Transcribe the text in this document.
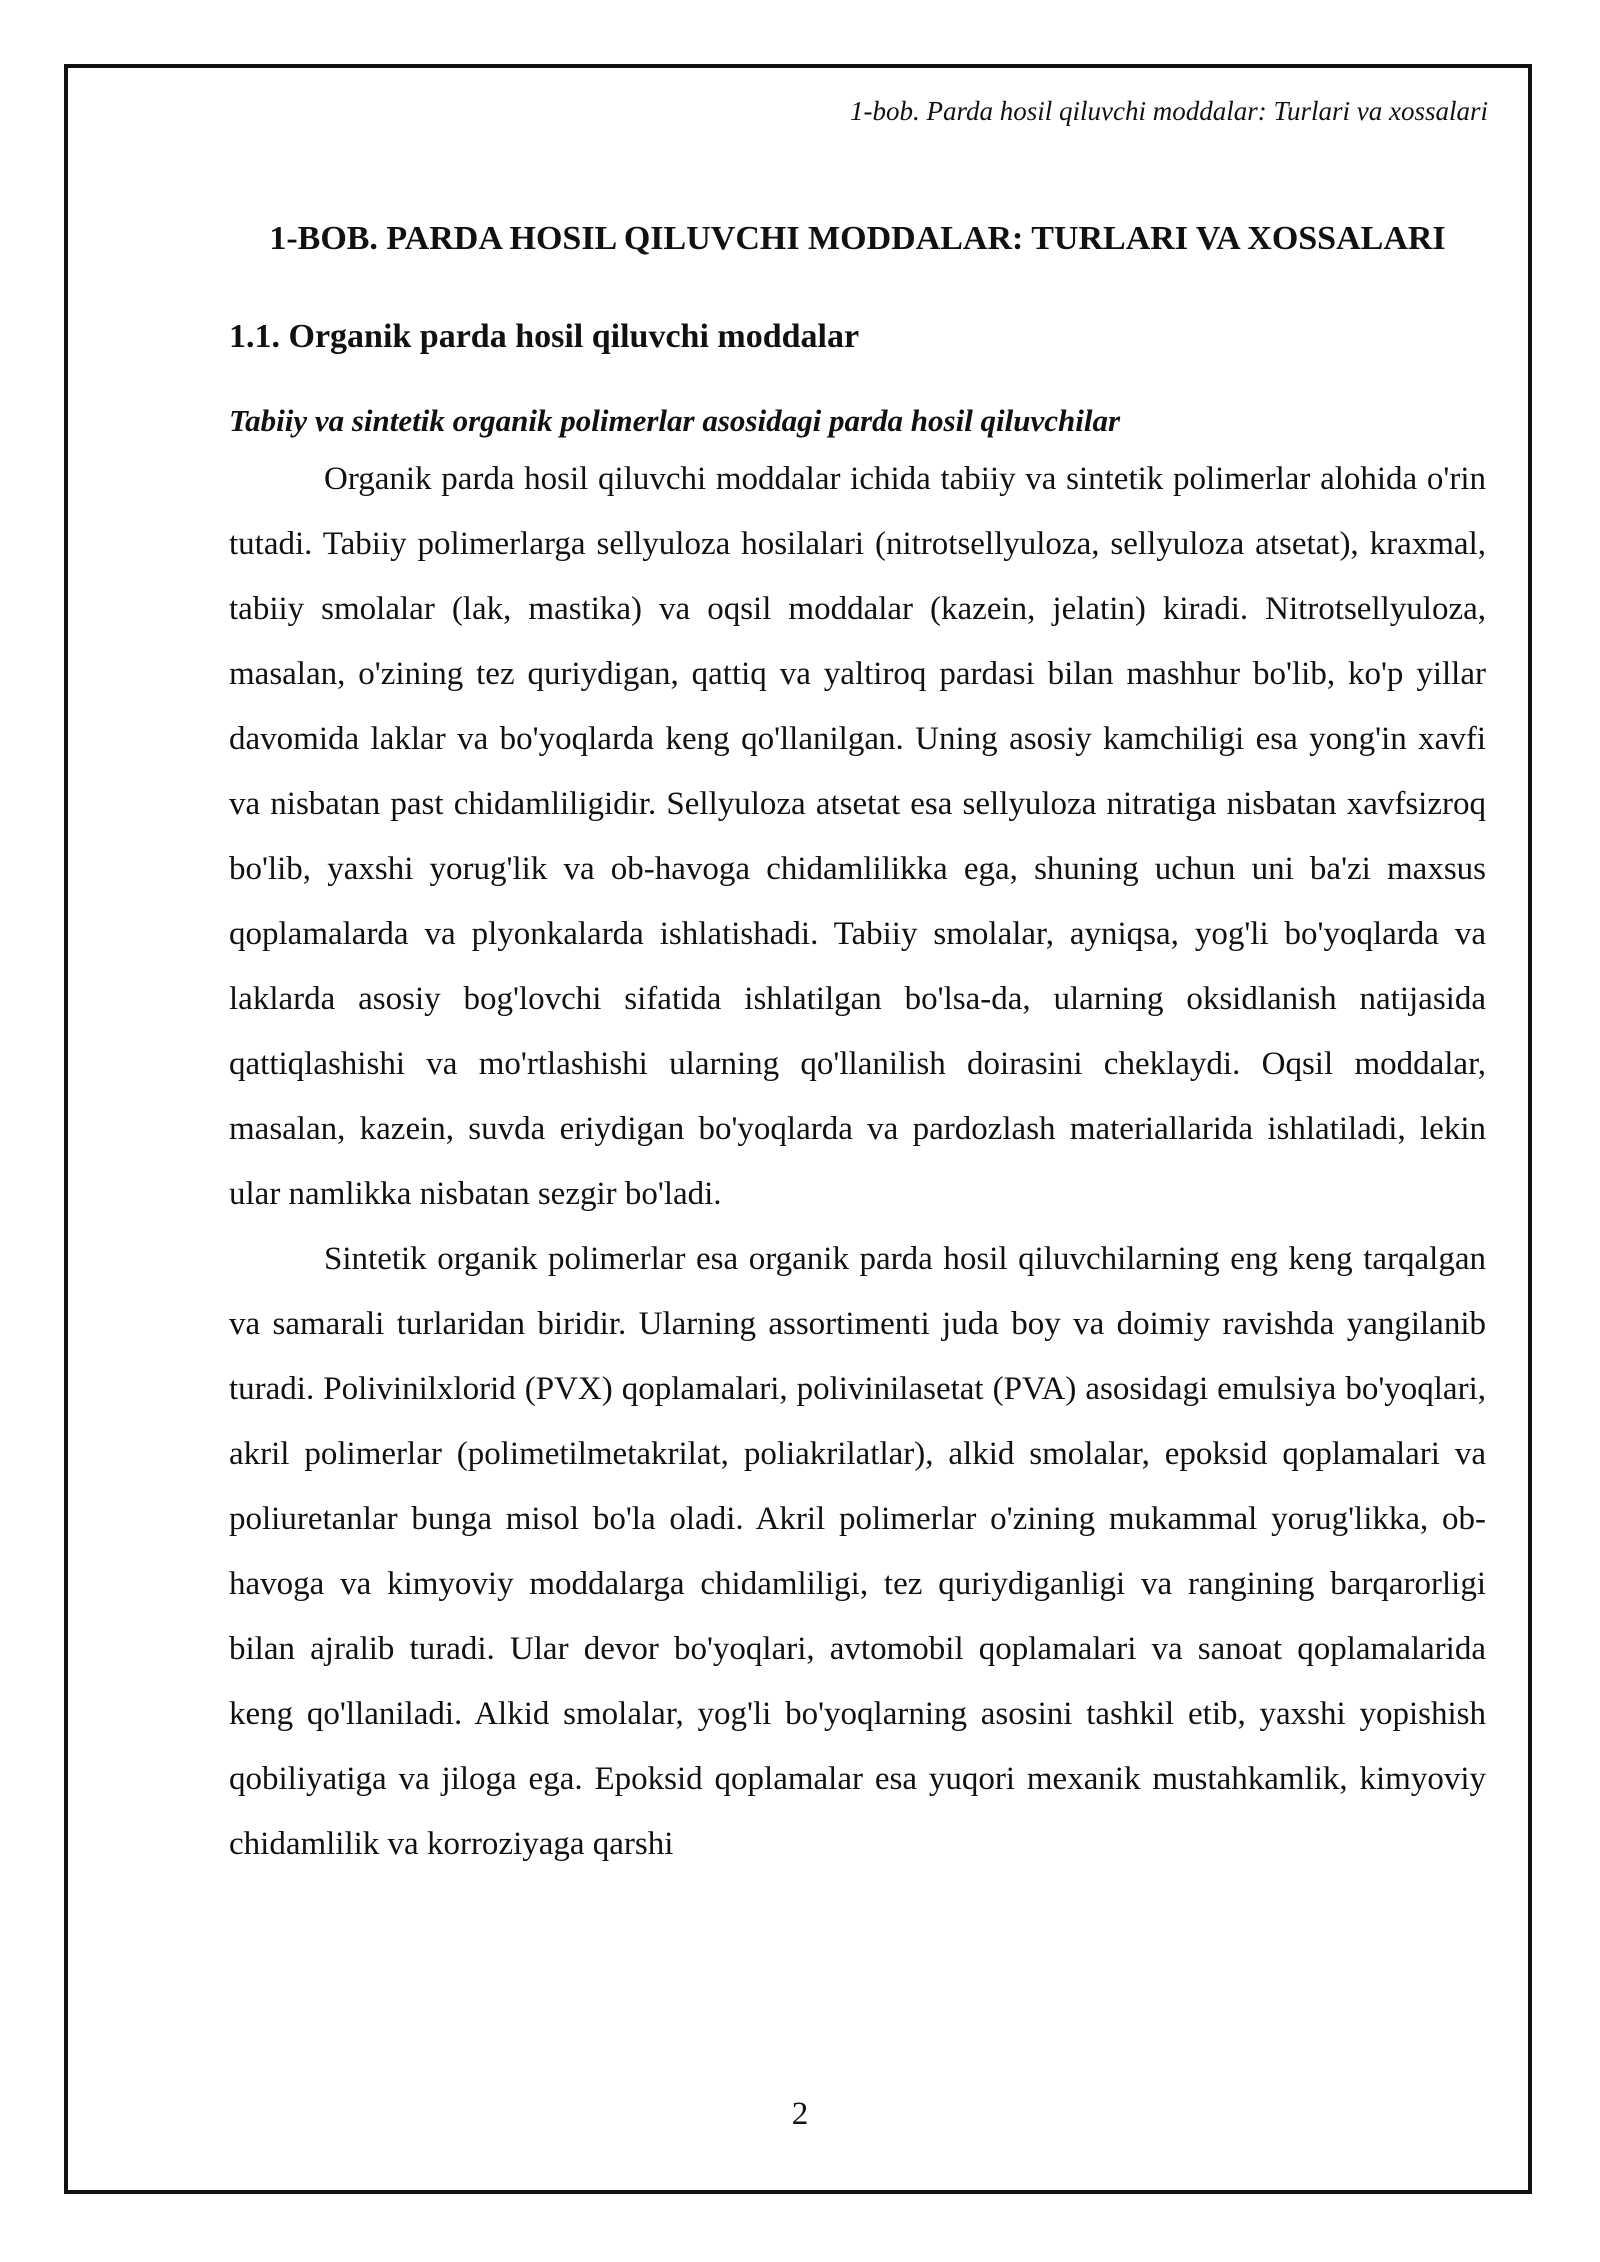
1-bob. Parda hosil qiluvchi moddalar: Turlari va xossalari
1-BOB. PARDA HOSIL QILUVCHI MODDALAR: TURLARI VA XOSSALARI
1.1. Organik parda hosil qiluvchi moddalar
Tabiiy va sintetik organik polimerlar asosidagi parda hosil qiluvchilar

Organik parda hosil qiluvchi moddalar ichida tabiiy va sintetik polimerlar alohida o'rin tutadi. Tabiiy polimerlarga sellyuloza hosilalari (nitrotsellyuloza, sellyuloza atsetat), kraxmal, tabiiy smolalar (lak, mastika) va oqsil moddalar (kazein, jelatin) kiradi. Nitrotsellyuloza, masalan, o'zining tez quriydigan, qattiq va yaltiroq pardasi bilan mashhur bo'lib, ko'p yillar davomida laklar va bo'yoqlarda keng qo'llanilgan. Uning asosiy kamchiligi esa yong'in xavfi va nisbatan past chidamliligidir. Sellyuloza atsetat esa sellyuloza nitratiga nisbatan xavfsizroq bo'lib, yaxshi yorug'lik va ob-havoga chidamlilikka ega, shuning uchun uni ba'zi maxsus qoplamalarda va plyonkalarda ishlatishadi. Tabiiy smolalar, ayniqsa, yog'li bo'yoqlarda va laklarda asosiy bog'lovchi sifatida ishlatilgan bo'lsa-da, ularning oksidlanish natijasida qattiqlashishi va mo'rtlashishi ularning qo'llanilish doirasini cheklaydi. Oqsil moddalar, masalan, kazein, suvda eriydigan bo'yoqlarda va pardozlash materiallarida ishlatiladi, lekin ular namlikka nisbatan sezgir bo'ladi.

Sintetik organik polimerlar esa organik parda hosil qiluvchilarning eng keng tarqalgan va samarali turlaridan biridir. Ularning assortimenti juda boy va doimiy ravishda yangilanib turadi. Polivinilxlorid (PVX) qoplamalari, polivinilasetat (PVA) asosidagi emulsiya bo'yoqlari, akril polimerlar (polimetilmetakrilat, poliakrilatlar), alkid smolalar, epoksid qoplamalari va poliuretanlar bunga misol bo'la oladi. Akril polimerlar o'zining mukammal yorug'likka, ob-havoga va kimyoviy moddalarga chidamliligi, tez quriydiganligi va rangining barqarorligi bilan ajralib turadi. Ular devor bo'yoqlari, avtomobil qoplamalari va sanoat qoplamalarida keng qo'llaniladi. Alkid smolalar, yog'li bo'yoqlarning asosini tashkil etib, yaxshi yopishish qobiliyatiga va jiloga ega. Epoksid qoplamalar esa yuqori mexanik mustahkamlik, kimyoviy chidamlilik va korroziyaga qarshi

2
